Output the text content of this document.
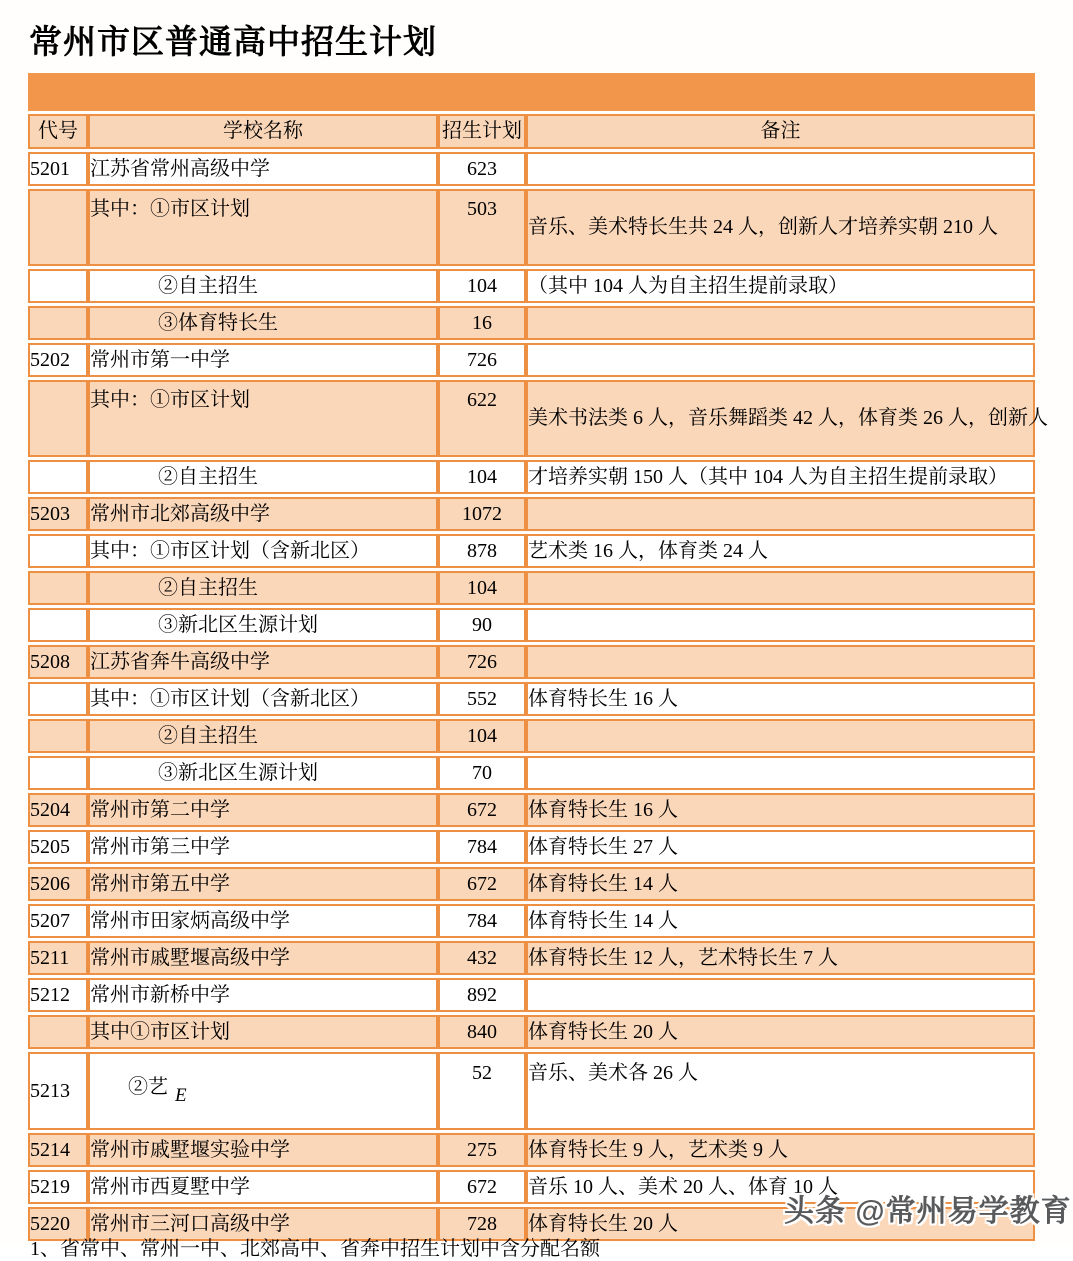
常州市区普通高中招生计划

代号	学校名称	招生计划	备注
5201	江苏省常州高级中学	623	
	其中：①市区计划	503	音乐、美术特长生共 24 人，创新人才培养实朝 210 人
	②自主招生	104	（其中 104 人为自主招生提前录取）
	③体育特长生	16	
5202	常州市第一中学	726	
	其中：①市区计划	622	美术书法类 6 人，音乐舞蹈类 42 人，体育类 26 人，创新人
	②自主招生	104	才培养实朝 150 人（其中 104 人为自主招生提前录取）
5203	常州市北郊高级中学	1072	
	其中：①市区计划（含新北区）	878	艺术类 16 人，体育类 24 人
	②自主招生	104	
	③新北区生源计划	90	
5208	江苏省奔牛高级中学	726	
	其中：①市区计划（含新北区）	552	体育特长生 16 人
	②自主招生	104	
	③新北区生源计划	70	
5204	常州市第二中学	672	体育特长生 16 人
5205	常州市第三中学	784	体育特长生 27 人
5206	常州市第五中学	672	体育特长生 14 人
5207	常州市田家炳高级中学	784	体育特长生 14 人
5211	常州市戚墅堰高级中学	432	体育特长生 12 人，艺术特长生 7 人
5212	常州市新桥中学	892	
	其中①市区计划	840	体育特长生 20 人
5213	②艺 E	52	音乐、美术各 26 人
5214	常州市戚墅堰实验中学	275	体育特长生 9 人，艺术类 9 人
5219	常州市西夏墅中学	672	音乐 10 人、美术 20 人、体育 10 人
5220	常州市三河口高级中学	728	体育特长生 20 人	头条 @常州易学教育
1、省常中、常州一中、北郊高中、省奔中招生计划中含分配名额
